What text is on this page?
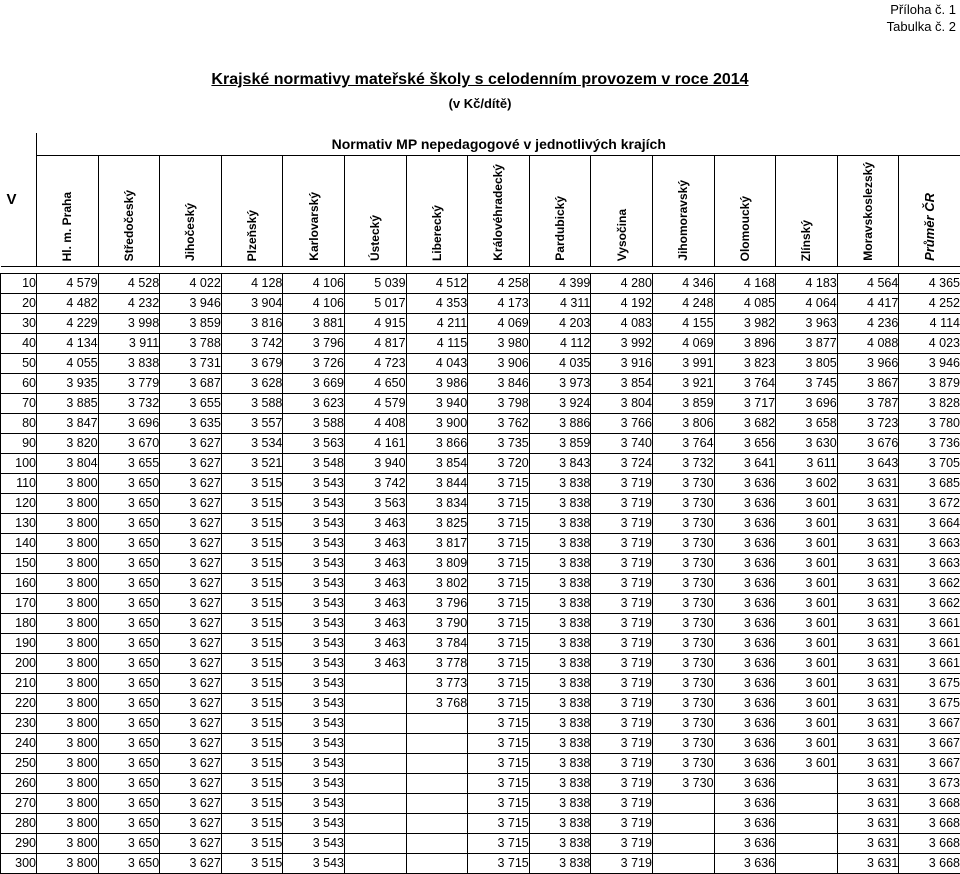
Příloha č. 1
Tabulka č. 2
Krajské normativy mateřské školy s celodenním provozem v roce 2014
(v Kč/dítě)
V	Normativ MP nepedagogové v jednotlivých krajích														
	Hl. m. Praha	Středočeský	Jihočeský	Plzeňský	Karlovarský	Ústecký	Liberecký	Královéhradecký	Pardubický	Vysočina	Jihomoravský	Olomoucký	Zlínský	Moravskoslezský	Průměr ČR

10	4 579	4 528	4 022	4 128	4 106	5 039	4 512	4 258	4 399	4 280	4 346	4 168	4 183	4 564	4 365
20	4 482	4 232	3 946	3 904	4 106	5 017	4 353	4 173	4 311	4 192	4 248	4 085	4 064	4 417	4 252
30	4 229	3 998	3 859	3 816	3 881	4 915	4 211	4 069	4 203	4 083	4 155	3 982	3 963	4 236	4 114
40	4 134	3 911	3 788	3 742	3 796	4 817	4 115	3 980	4 112	3 992	4 069	3 896	3 877	4 088	4 023
50	4 055	3 838	3 731	3 679	3 726	4 723	4 043	3 906	4 035	3 916	3 991	3 823	3 805	3 966	3 946
60	3 935	3 779	3 687	3 628	3 669	4 650	3 986	3 846	3 973	3 854	3 921	3 764	3 745	3 867	3 879
70	3 885	3 732	3 655	3 588	3 623	4 579	3 940	3 798	3 924	3 804	3 859	3 717	3 696	3 787	3 828
80	3 847	3 696	3 635	3 557	3 588	4 408	3 900	3 762	3 886	3 766	3 806	3 682	3 658	3 723	3 780
90	3 820	3 670	3 627	3 534	3 563	4 161	3 866	3 735	3 859	3 740	3 764	3 656	3 630	3 676	3 736
100	3 804	3 655	3 627	3 521	3 548	3 940	3 854	3 720	3 843	3 724	3 732	3 641	3 611	3 643	3 705
110	3 800	3 650	3 627	3 515	3 543	3 742	3 844	3 715	3 838	3 719	3 730	3 636	3 602	3 631	3 685
120	3 800	3 650	3 627	3 515	3 543	3 563	3 834	3 715	3 838	3 719	3 730	3 636	3 601	3 631	3 672
130	3 800	3 650	3 627	3 515	3 543	3 463	3 825	3 715	3 838	3 719	3 730	3 636	3 601	3 631	3 664
140	3 800	3 650	3 627	3 515	3 543	3 463	3 817	3 715	3 838	3 719	3 730	3 636	3 601	3 631	3 663
150	3 800	3 650	3 627	3 515	3 543	3 463	3 809	3 715	3 838	3 719	3 730	3 636	3 601	3 631	3 663
160	3 800	3 650	3 627	3 515	3 543	3 463	3 802	3 715	3 838	3 719	3 730	3 636	3 601	3 631	3 662
170	3 800	3 650	3 627	3 515	3 543	3 463	3 796	3 715	3 838	3 719	3 730	3 636	3 601	3 631	3 662
180	3 800	3 650	3 627	3 515	3 543	3 463	3 790	3 715	3 838	3 719	3 730	3 636	3 601	3 631	3 661
190	3 800	3 650	3 627	3 515	3 543	3 463	3 784	3 715	3 838	3 719	3 730	3 636	3 601	3 631	3 661
200	3 800	3 650	3 627	3 515	3 543	3 463	3 778	3 715	3 838	3 719	3 730	3 636	3 601	3 631	3 661
210	3 800	3 650	3 627	3 515	3 543		3 773	3 715	3 838	3 719	3 730	3 636	3 601	3 631	3 675
220	3 800	3 650	3 627	3 515	3 543		3 768	3 715	3 838	3 719	3 730	3 636	3 601	3 631	3 675
230	3 800	3 650	3 627	3 515	3 543			3 715	3 838	3 719	3 730	3 636	3 601	3 631	3 667
240	3 800	3 650	3 627	3 515	3 543			3 715	3 838	3 719	3 730	3 636	3 601	3 631	3 667
250	3 800	3 650	3 627	3 515	3 543			3 715	3 838	3 719	3 730	3 636	3 601	3 631	3 667
260	3 800	3 650	3 627	3 515	3 543			3 715	3 838	3 719	3 730	3 636		3 631	3 673
270	3 800	3 650	3 627	3 515	3 543			3 715	3 838	3 719		3 636		3 631	3 668
280	3 800	3 650	3 627	3 515	3 543			3 715	3 838	3 719		3 636		3 631	3 668
290	3 800	3 650	3 627	3 515	3 543			3 715	3 838	3 719		3 636		3 631	3 668
300	3 800	3 650	3 627	3 515	3 543			3 715	3 838	3 719		3 636		3 631	3 668
